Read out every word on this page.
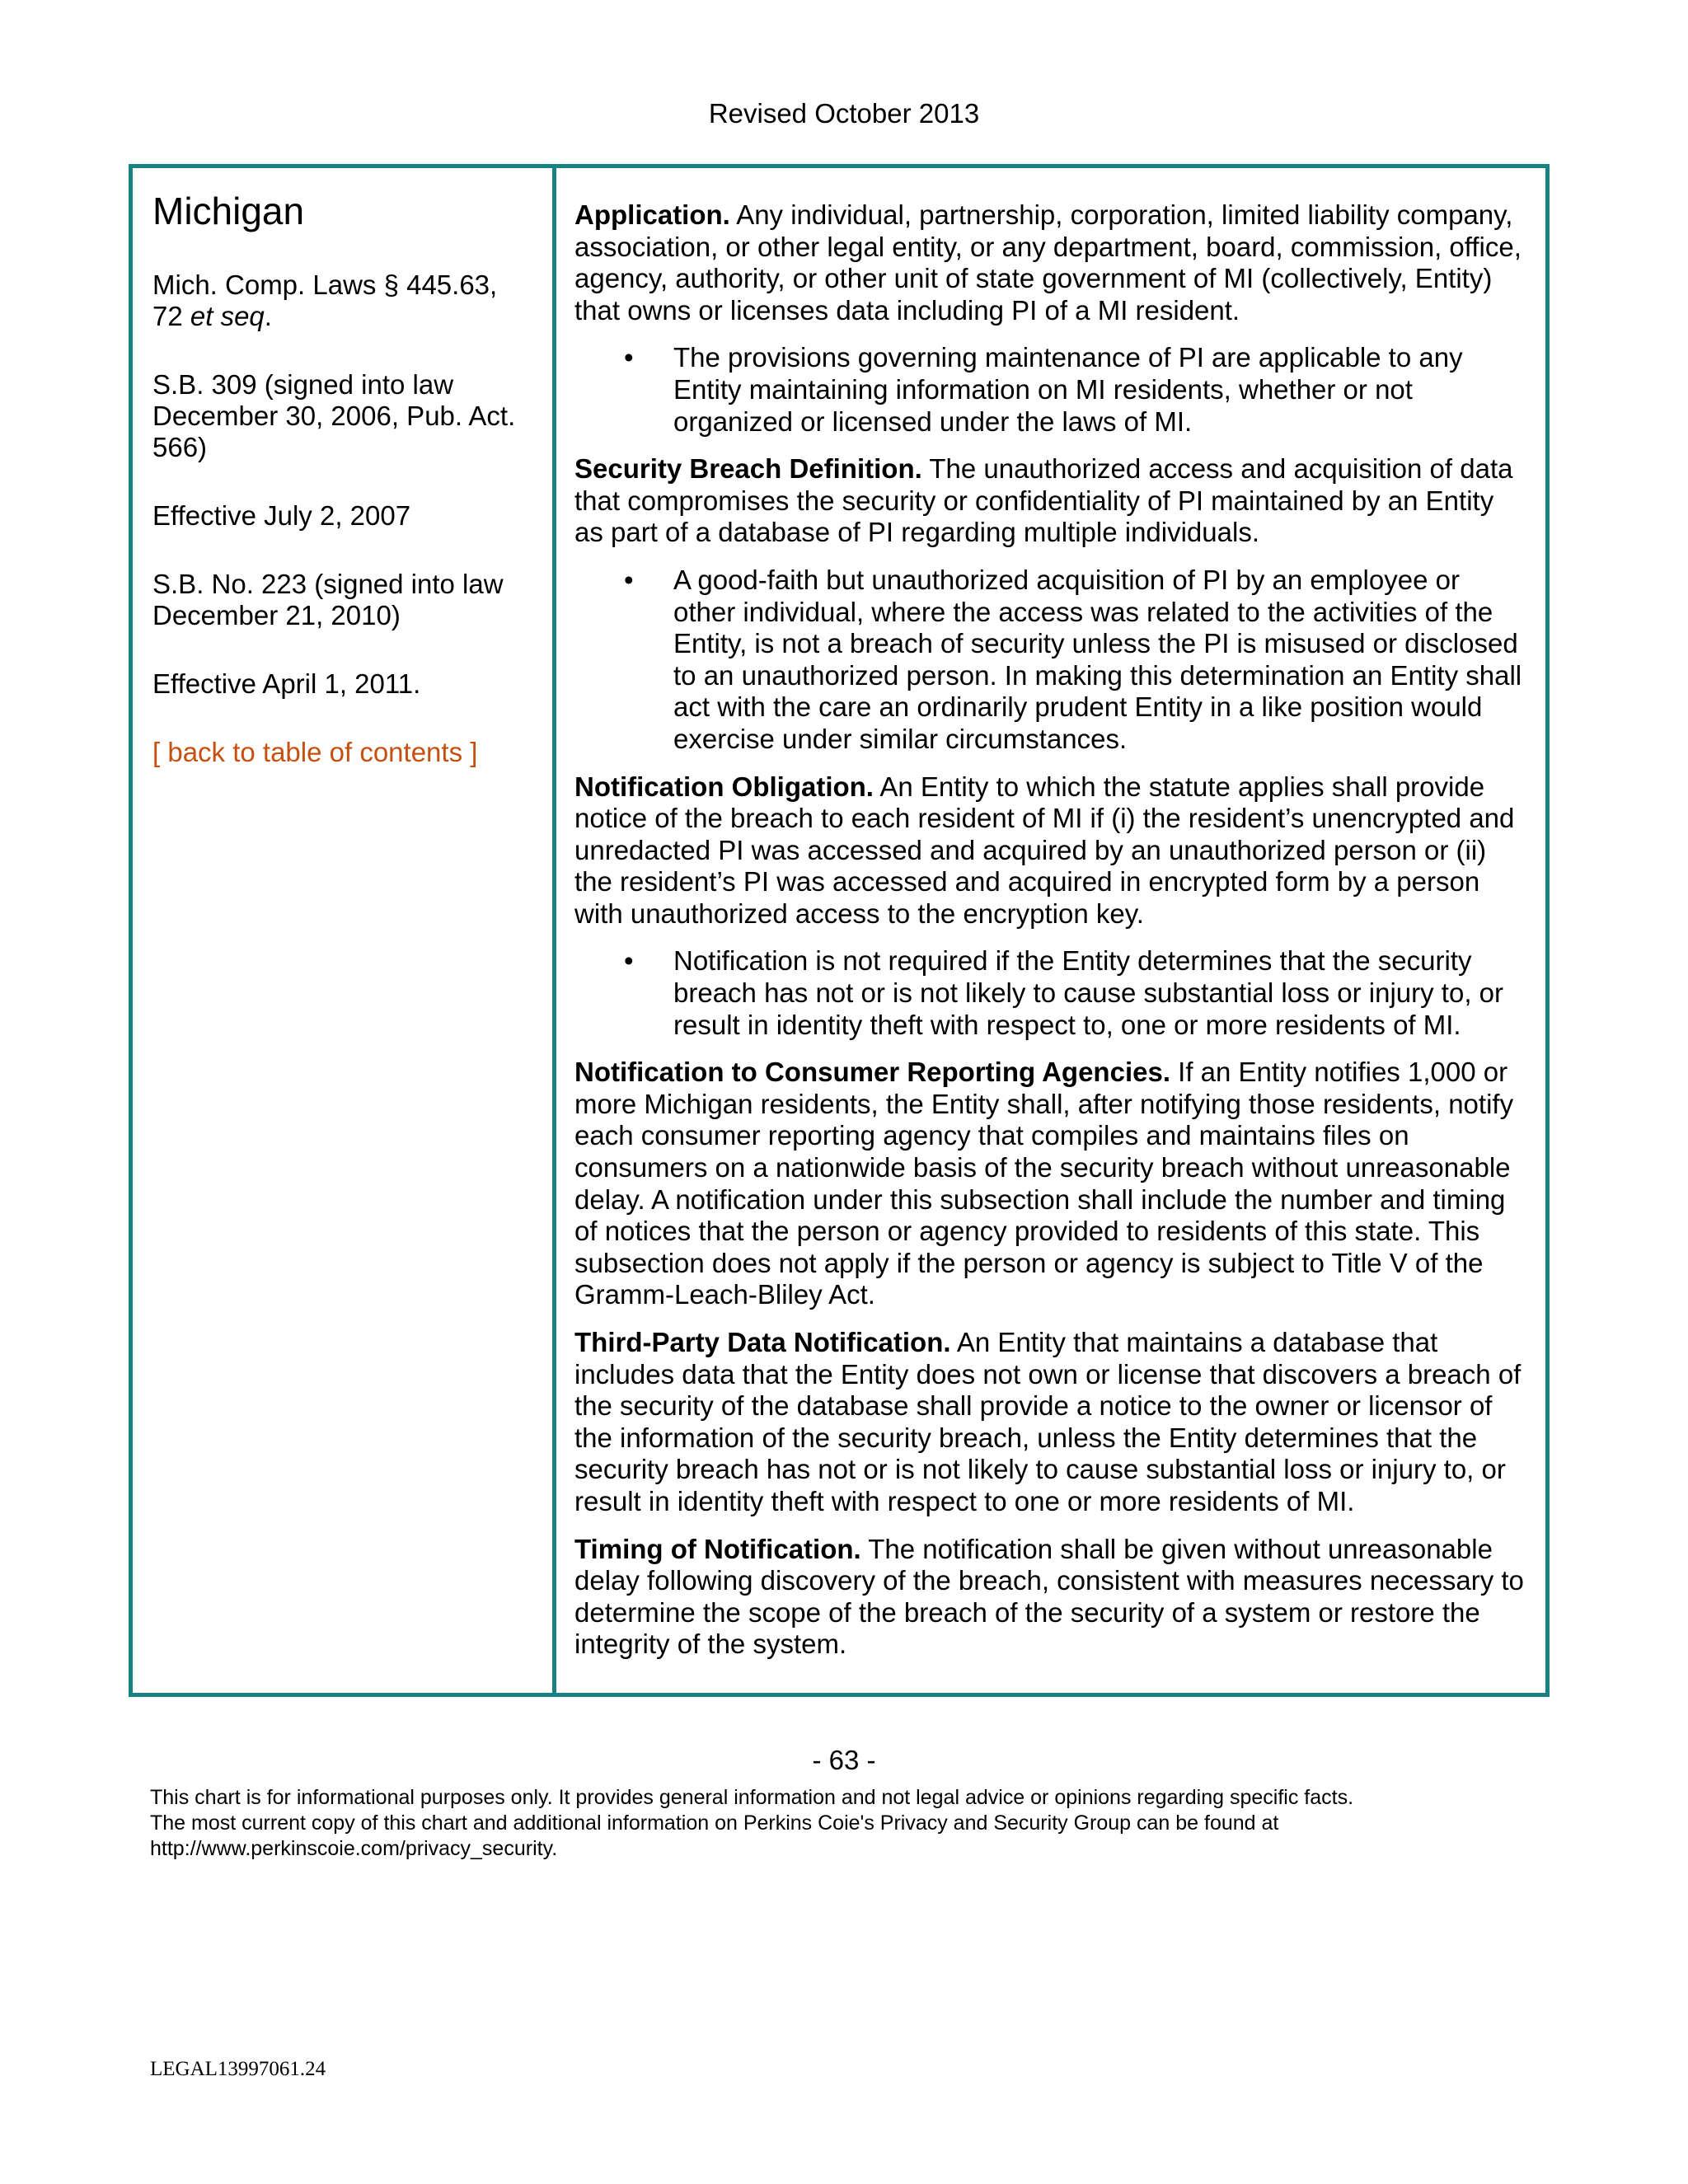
Revised October 2013
Michigan
Mich. Comp. Laws § 445.63,
72 et seq.
S.B. 309 (signed into law December 30, 2006, Pub. Act. 566)
Effective July 2, 2007
S.B. No. 223 (signed into law December 21, 2010)
Effective April 1, 2011.
[ back to table of contents ]

Application. Any individual, partnership, corporation, limited liability company, association, or other legal entity, or any department, board, commission, office, agency, authority, or other unit of state government of MI (collectively, Entity) that owns or licenses data including PI of a MI resident.

• The provisions governing maintenance of PI are applicable to any Entity maintaining information on MI residents, whether or not organized or licensed under the laws of MI.

Security Breach Definition. The unauthorized access and acquisition of data that compromises the security or confidentiality of PI maintained by an Entity as part of a database of PI regarding multiple individuals.

• A good-faith but unauthorized acquisition of PI by an employee or other individual, where the access was related to the activities of the Entity, is not a breach of security unless the PI is misused or disclosed to an unauthorized person. In making this determination an Entity shall act with the care an ordinarily prudent Entity in a like position would exercise under similar circumstances.

Notification Obligation. An Entity to which the statute applies shall provide notice of the breach to each resident of MI if (i) the resident’s unencrypted and unredacted PI was accessed and acquired by an unauthorized person or (ii) the resident’s PI was accessed and acquired in encrypted form by a person with unauthorized access to the encryption key.

• Notification is not required if the Entity determines that the security breach has not or is not likely to cause substantial loss or injury to, or result in identity theft with respect to, one or more residents of MI.

Notification to Consumer Reporting Agencies. If an Entity notifies 1,000 or more Michigan residents, the Entity shall, after notifying those residents, notify each consumer reporting agency that compiles and maintains files on consumers on a nationwide basis of the security breach without unreasonable delay. A notification under this subsection shall include the number and timing of notices that the person or agency provided to residents of this state. This subsection does not apply if the person or agency is subject to Title V of the Gramm-Leach-Bliley Act.

Third-Party Data Notification. An Entity that maintains a database that includes data that the Entity does not own or license that discovers a breach of the security of the database shall provide a notice to the owner or licensor of the information of the security breach, unless the Entity determines that the security breach has not or is not likely to cause substantial loss or injury to, or result in identity theft with respect to one or more residents of MI.

Timing of Notification. The notification shall be given without unreasonable delay following discovery of the breach, consistent with measures necessary to determine the scope of the breach of the security of a system or restore the integrity of the system.

- 63 -
This chart is for informational purposes only. It provides general information and not legal advice or opinions regarding specific facts.
The most current copy of this chart and additional information on Perkins Coie's Privacy and Security Group can be found at
http://www.perkinscoie.com/privacy_security.
LEGAL13997061.24
